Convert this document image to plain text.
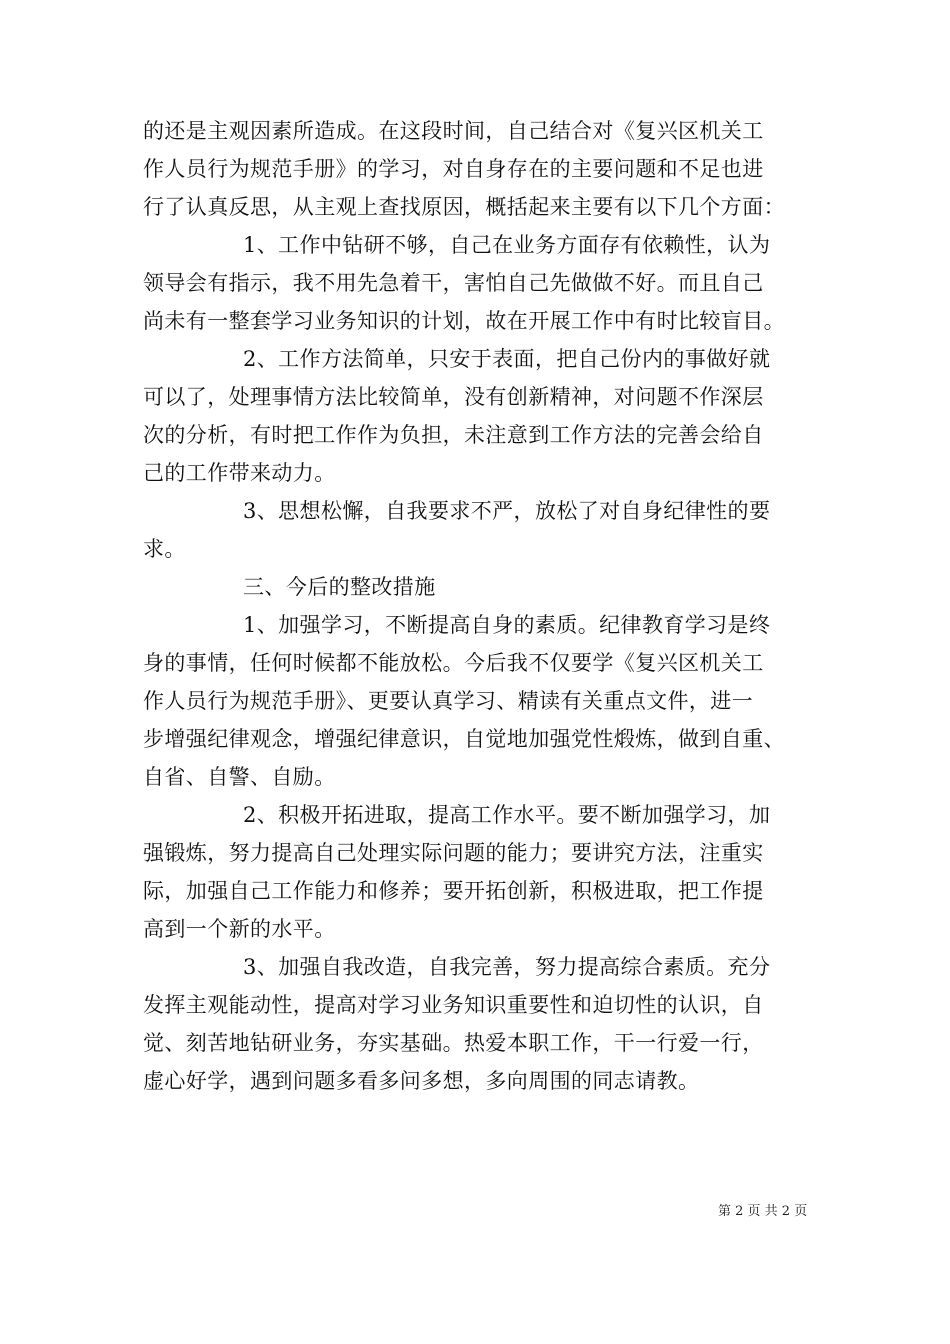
的还是主观因素所造成。在这段时间，自己结合对《复兴区机关工
作人员行为规范手册》的学习，对自身存在的主要问题和不足也进
行了认真反思，从主观上查找原因，概括起来主要有以下几个方面：
1、工作中钻研不够，自己在业务方面存有依赖性，认为
领导会有指示，我不用先急着干，害怕自己先做做不好。而且自己
尚未有一整套学习业务知识的计划，故在开展工作中有时比较盲目。
2、工作方法简单，只安于表面，把自己份内的事做好就
可以了，处理事情方法比较简单，没有创新精神，对问题不作深层
次的分析，有时把工作作为负担，未注意到工作方法的完善会给自
己的工作带来动力。
3、思想松懈，自我要求不严，放松了对自身纪律性的要
求。
三、今后的整改措施
1、加强学习，不断提高自身的素质。纪律教育学习是终
身的事情，任何时候都不能放松。今后我不仅要学《复兴区机关工
作人员行为规范手册》、更要认真学习、精读有关重点文件，进一
步增强纪律观念，增强纪律意识，自觉地加强党性煅炼，做到自重、
自省、自警、自励。
2、积极开拓进取，提高工作水平。要不断加强学习，加
强锻炼，努力提高自己处理实际问题的能力；要讲究方法，注重实
际，加强自己工作能力和修养；要开拓创新，积极进取，把工作提
高到一个新的水平。
3、加强自我改造，自我完善，努力提高综合素质。充分
发挥主观能动性，提高对学习业务知识重要性和迫切性的认识，自
觉、刻苦地钻研业务，夯实基础。热爱本职工作，干一行爱一行，
虚心好学，遇到问题多看多问多想，多向周围的同志请教。
第 2 页 共 2 页
